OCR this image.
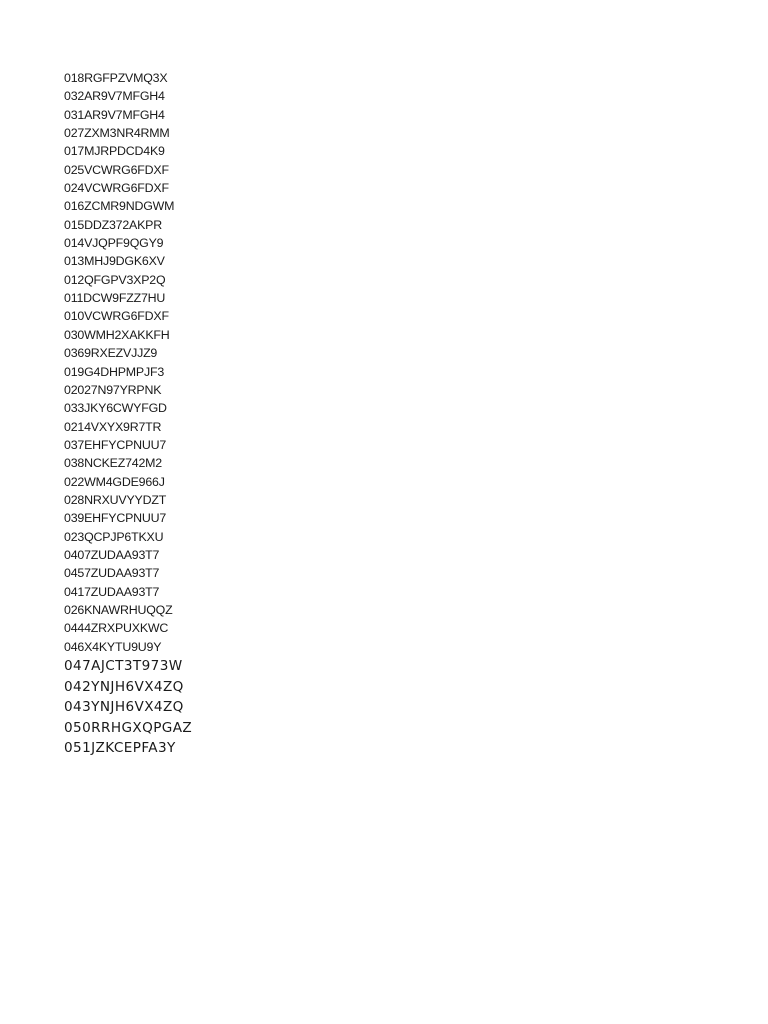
018RGFPZVMQ3X
032AR9V7MFGH4
031AR9V7MFGH4
027ZXM3NR4RMM
017MJRPDCD4K9
025VCWRG6FDXF
024VCWRG6FDXF
016ZCMR9NDGWM
015DDZ372AKPR
014VJQPF9QGY9
013MHJ9DGK6XV
012QFGPV3XP2Q
011DCW9FZZ7HU
010VCWRG6FDXF
030WMH2XAKKFH
0369RXEZVJJZ9
019G4DHPMPJF3
02027N97YRPNK
033JKY6CWYFGD
0214VXYX9R7TR
037EHFYCPNUU7
038NCKEZ742M2
022WM4GDE966J
028NRXUVYYDZT
039EHFYCPNUU7
023QCPJP6TKXU
0407ZUDAA93T7
0457ZUDAA93T7
0417ZUDAA93T7
026KNAWRHUQQZ
0444ZRXPUXKWC
046X4KYTU9U9Y
047AJCT3T973W
042YNJH6VX4ZQ
043YNJH6VX4ZQ
050RRHGXQPGAZ
051JZKCEPFA3Y
